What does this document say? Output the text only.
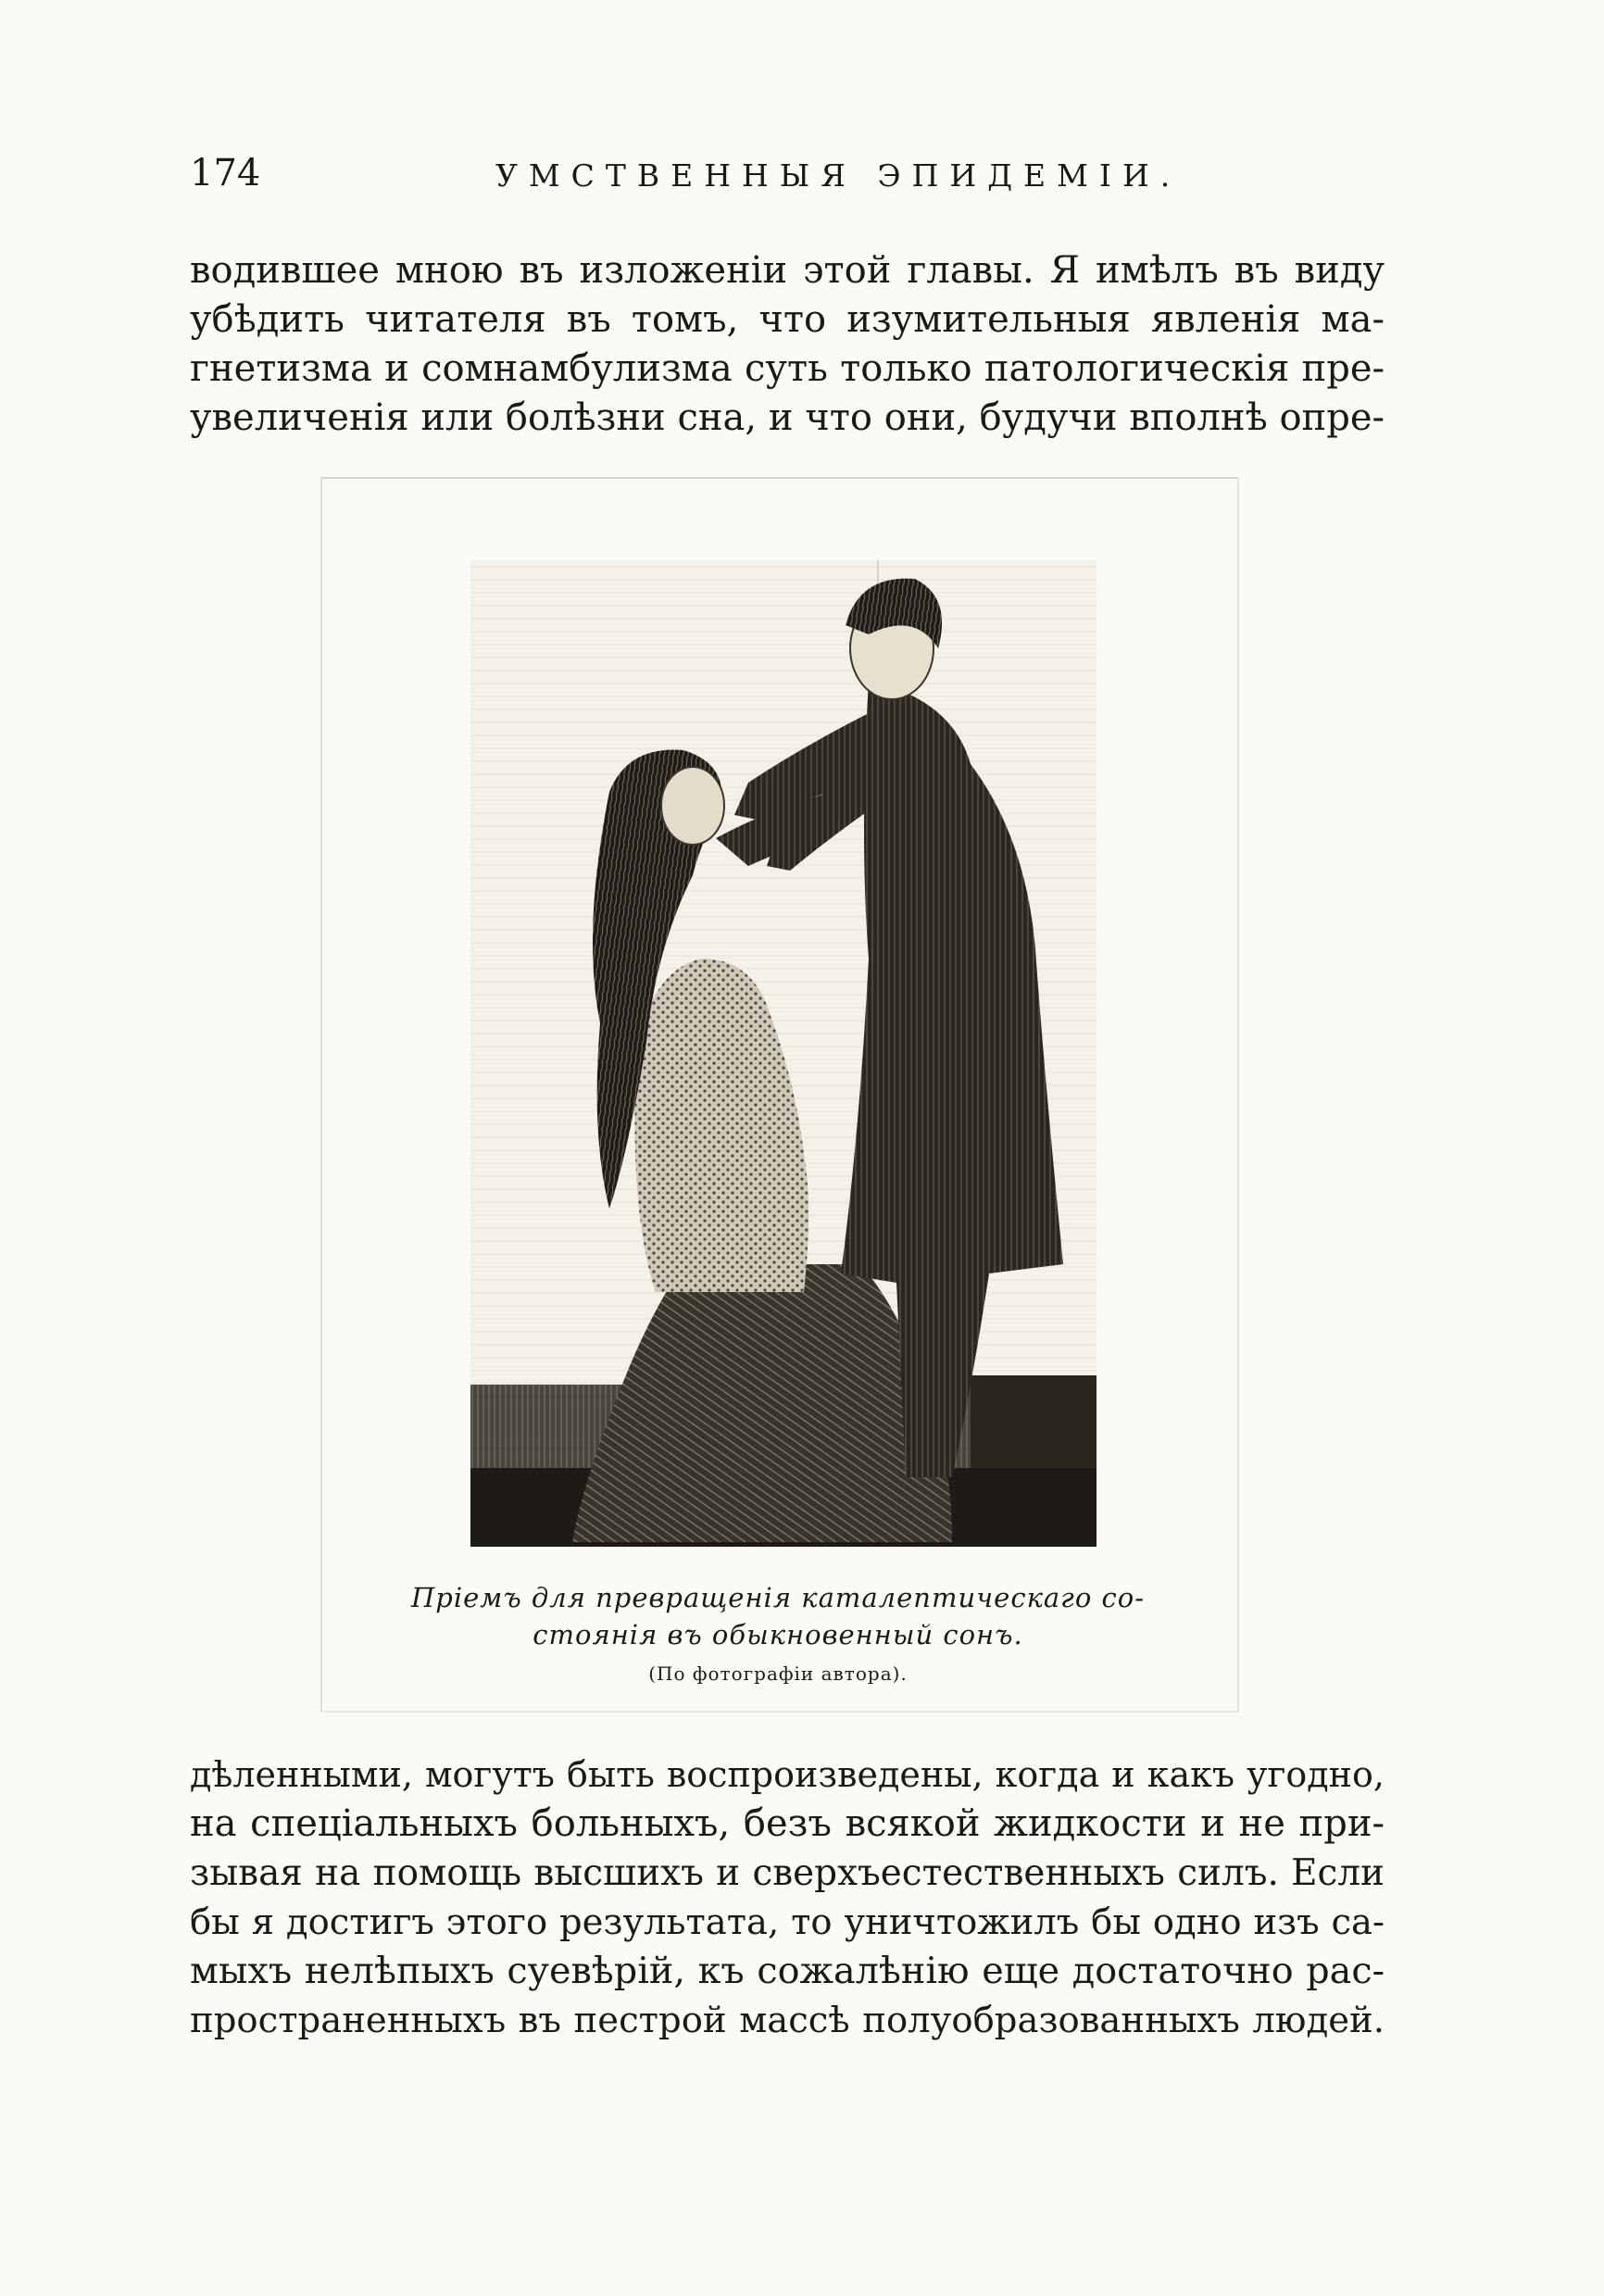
174	УМСТВЕННЫЯ ЭПИДЕМІИ.
водившее мною въ изложеніи этой главы. Я имѣлъ въ виду
убѣдить читателя въ томъ, что изумительныя явленія ма-
гнетизма и сомнамбулизма суть только патологическія пре-
увеличенія или болѣзни сна, и что они, будучи вполнѣ опре-
Пріемъ для превращенія каталептическаго со-
стоянія въ обыкновенный сонъ.
(По фотографіи автора).
дѣленными, могутъ быть воспроизведены, когда и какъ угодно,
на спеціальныхъ больныхъ, безъ всякой жидкости и не при-
зывая на помощь высшихъ и сверхъестественныхъ силъ. Если
бы я достигъ этого результата, то уничтожилъ бы одно изъ са-
мыхъ нелѣпыхъ суевѣрій, къ сожалѣнію еще достаточно рас-
пространенныхъ въ пестрой массѣ полуобразованныхъ людей.
